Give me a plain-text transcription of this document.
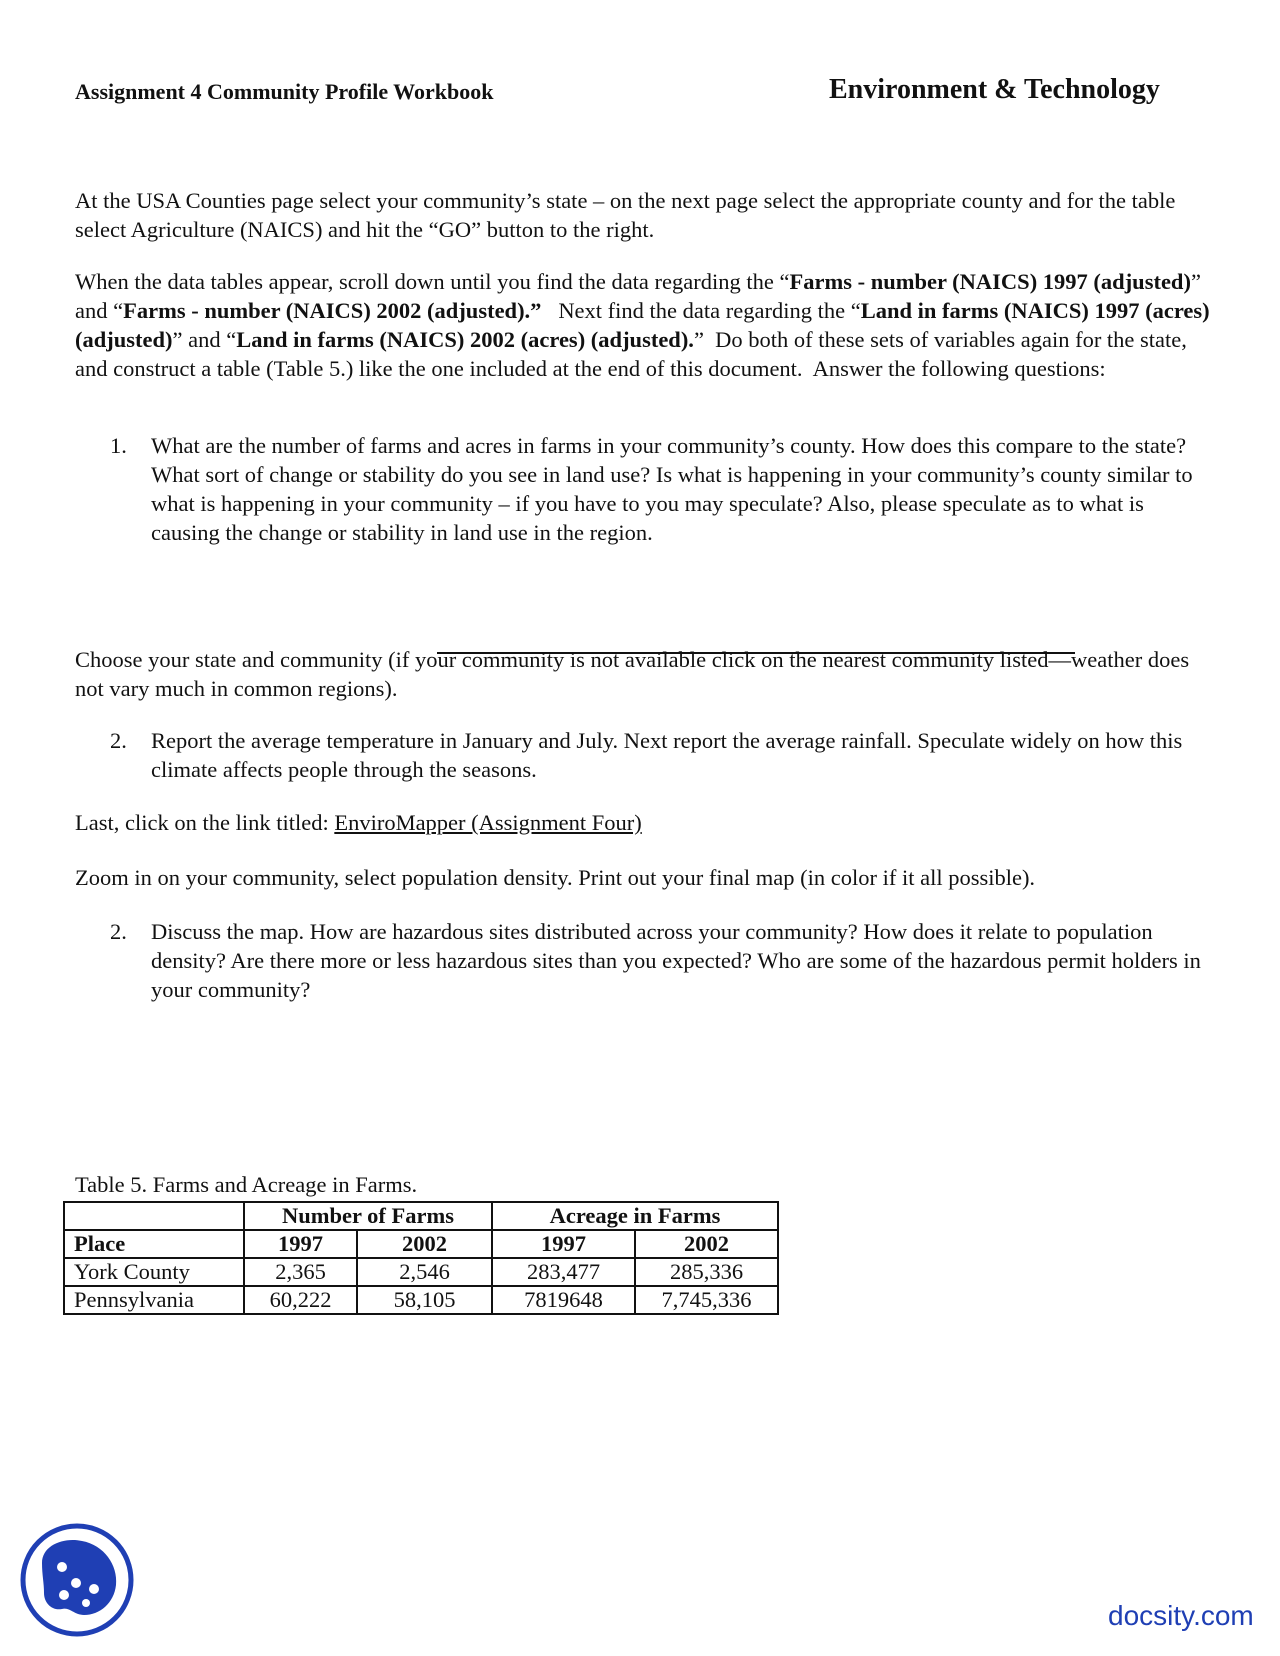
Assignment 4 Community Profile Workbook	Environment & Technology

At the USA Counties page select your community’s state – on the next page select the appropriate county and for the table select Agriculture (NAICS) and hit the “GO” button to the right.

When the data tables appear, scroll down until you find the data regarding the “Farms - number (NAICS) 1997 (adjusted)” and “Farms - number (NAICS) 2002 (adjusted).”   Next find the data regarding the “Land in farms (NAICS) 1997 (acres) (adjusted)” and “Land in farms (NAICS) 2002 (acres) (adjusted).”  Do both of these sets of variables again for the state, and construct a table (Table 5.) like the one included at the end of this document.  Answer the following questions:

1. What are the number of farms and acres in farms in your community’s county. How does this compare to the state? What sort of change or stability do you see in land use? Is what is happening in your community’s county similar to what is happening in your community – if you have to you may speculate? Also, please speculate as to what is causing the change or stability in land use in the region.

Choose your state and community (if your community is not available click on the nearest community listed—weather does not vary much in common regions).

2. Report the average temperature in January and July. Next report the average rainfall. Speculate widely on how this climate affects people through the seasons.

Last, click on the link titled: EnviroMapper (Assignment Four)

Zoom in on your community, select population density. Print out your final map (in color if it all possible).

2. Discuss the map. How are hazardous sites distributed across your community? How does it relate to population density? Are there more or less hazardous sites than you expected? Who are some of the hazardous permit holders in your community?
Table 5. Farms and Acreage in Farms.
	Number of Farms		Acreage in Farms	
Place	1997	2002	1997	2002
York County	2,365	2,546	283,477	285,336
Pennsylvania	60,222	58,105	7819648	7,745,336
docsity.com
